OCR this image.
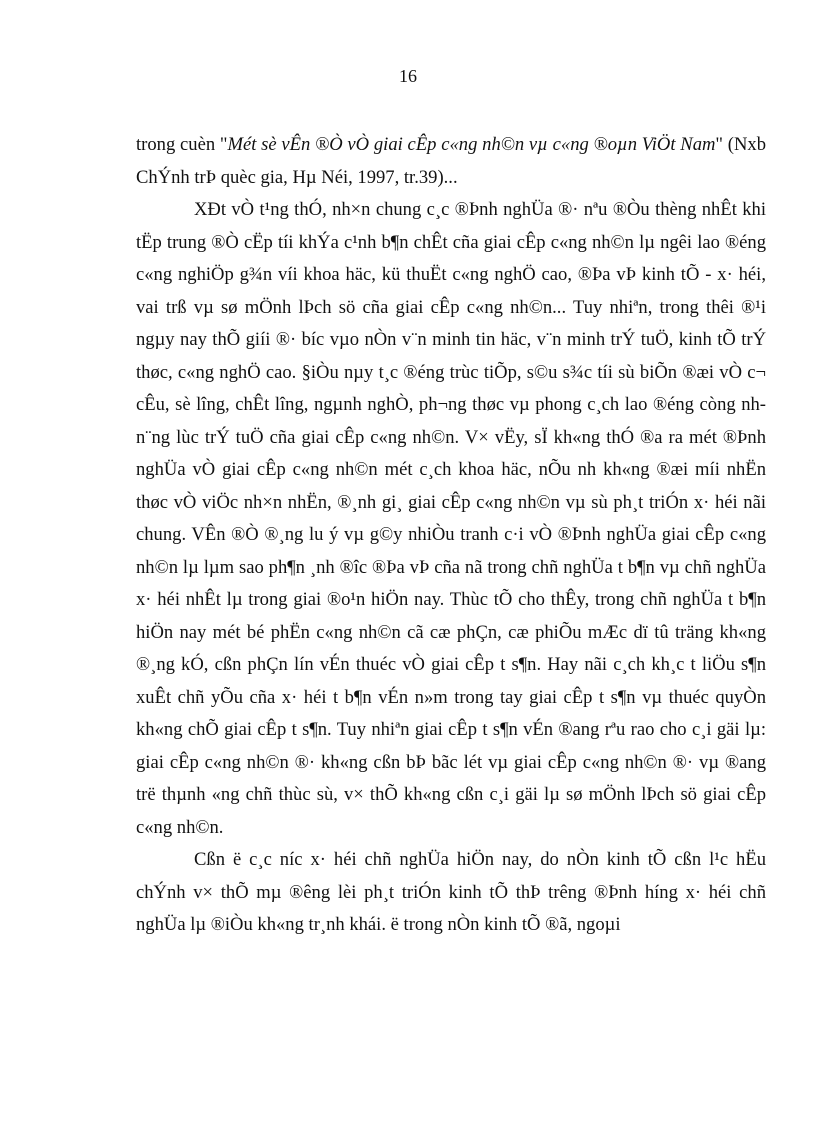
16

trong cuèn "Mét sè vÊn ®Ò vÒ giai cÊp c«ng nh©n vµ c«ng ®oµn ViÖt Nam" (Nxb ChÝnh trÞ quèc gia, Hµ Néi, 1997, tr.39)...

XÐt vÒ t¹ng thÓ, nh×n chung c¸c ®Þnh nghÜa ®· nªu ®Òu thèng nhÊt khi tËp trung ®Ò cËp tíi khÝa c¹nh b¶n chÊt cña giai cÊp c«ng nh©n lµ ngêi lao ®éng c«ng nghiÖp g¾n víi khoa häc, kü thuËt c«ng nghÖ cao, ®Þa vÞ kinh tÕ - x· héi, vai trß vµ sø mÖnh lÞch sö cña giai cÊp c«ng nh©n... Tuy nhiªn, trong thêi ®¹i ngµy nay thÕ giíi ®· bíc vµo nÒn v¨n minh tin häc, v¨n minh trÝ tuÖ, kinh tÕ trÝ thøc, c«ng nghÖ cao. §iÒu nµy t¸c ®éng trùc tiÕp, s©u s¾c tíi sù biÕn ®æi vÒ c¬ cÊu, sè lîng, chÊt lîng, ngµnh nghÒ, ph¬ng thøc vµ phong c¸ch lao ®éng còng nh n¨ng lùc trÝ tuÖ cña giai cÊp c«ng nh©n. V× vËy, sÏ kh«ng thÓ ®a ra mét ®Þnh nghÜa vÒ giai cÊp c«ng nh©n mét c¸ch khoa häc, nÕu nh kh«ng ®æi míi nhËn thøc vÒ viÖc nh×n nhËn, ®¸nh gi¸ giai cÊp c«ng nh©n vµ sù ph¸t triÓn x· héi nãi chung. VÊn ®Ò ®¸ng lu ý vµ g©y nhiÒu tranh c·i vÒ ®Þnh nghÜa giai cÊp c«ng nh©n lµ lµm sao ph¶n ¸nh ®îc ®Þa vÞ cña nã trong chñ nghÜa t b¶n vµ chñ nghÜa x· héi nhÊt lµ trong giai ®o¹n hiÖn nay. Thùc tÕ cho thÊy, trong chñ nghÜa t b¶n hiÖn nay mét bé phËn c«ng nh©n cã cæ phÇn, cæ phiÕu mÆc dï tû träng kh«ng ®¸ng kÓ, cßn phÇn lín vÉn thuéc vÒ giai cÊp t s¶n. Hay nãi c¸ch kh¸c t liÖu s¶n xuÊt chñ yÕu cña x· héi t b¶n vÉn n»m trong tay giai cÊp t s¶n vµ thuéc quyÒn kh«ng chÕ giai cÊp t s¶n. Tuy nhiªn giai cÊp t s¶n vÉn ®ang rªu rao cho c¸i gäi lµ: giai cÊp c«ng nh©n ®· kh«ng cßn bÞ bãc lét vµ giai cÊp c«ng nh©n ®· vµ ®ang trë thµnh «ng chñ thùc sù, v× thÕ kh«ng cßn c¸i gäi lµ sø mÖnh lÞch sö giai cÊp c«ng nh©n.

Cßn ë c¸c níc x· héi chñ nghÜa hiÖn nay, do nÒn kinh tÕ cßn l¹c hËu chÝnh v× thÕ mµ ®êng lèi ph¸t triÓn kinh tÕ thÞ trêng ®Þnh híng x· héi chñ nghÜa lµ ®iÒu kh«ng tr¸nh khái. ë trong nÒn kinh tÕ ®ã, ngoµi
